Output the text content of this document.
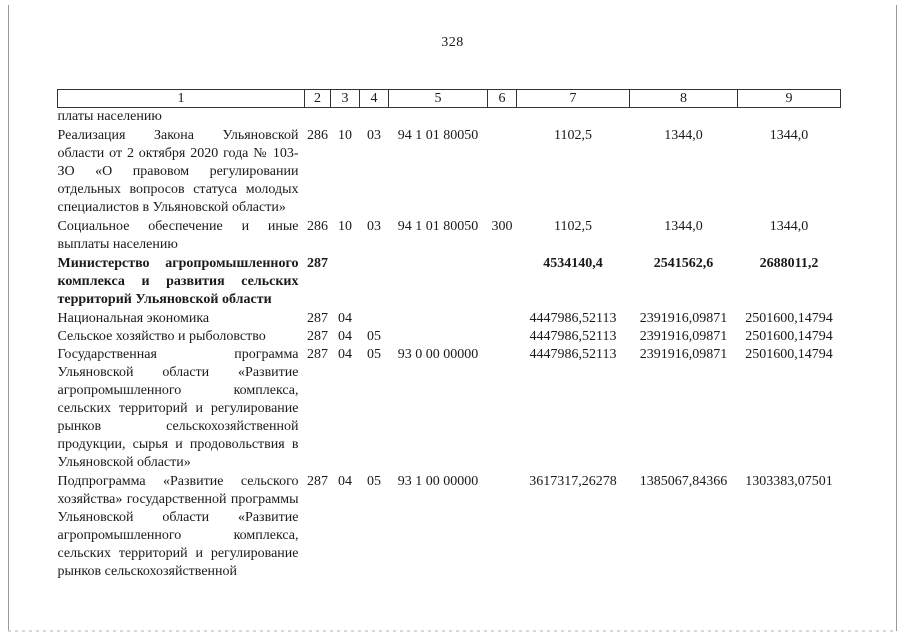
328
1	2	3	4	5	6	7	8	9
платы населению								
Реализация Закона Ульяновской области от 2 октября 2020 года № 103-ЗО «О правовом регулировании отдельных вопросов статуса молодых специалистов в Ульяновской области»	286	10	03	94 1 01 80050		1102,5	1344,0	1344,0
Социальное обеспечение и иные выплаты населению	286	10	03	94 1 01 80050	300	1102,5	1344,0	1344,0
Министерство агропромышленного комплекса и развития сельских территорий Ульяновской области	287					4534140,4	2541562,6	2688011,2
Национальная экономика	287	04				4447986,52113	2391916,09871	2501600,14794
Сельское хозяйство и рыболовство	287	04	05			4447986,52113	2391916,09871	2501600,14794
Государственная программа Ульяновской области «Развитие агропромышленного комплекса, сельских территорий и регулирование рынков сельскохозяйственной продукции, сырья и продовольствия в Ульяновской области»	287	04	05	93 0 00 00000		4447986,52113	2391916,09871	2501600,14794
Подпрограмма «Развитие сельского хозяйства» государственной программы Ульяновской области «Развитие агропромышленного комплекса, сельских территорий и регулирование рынков сельскохозяйственной	287	04	05	93 1 00 00000		3617317,26278	1385067,84366	1303383,07501
